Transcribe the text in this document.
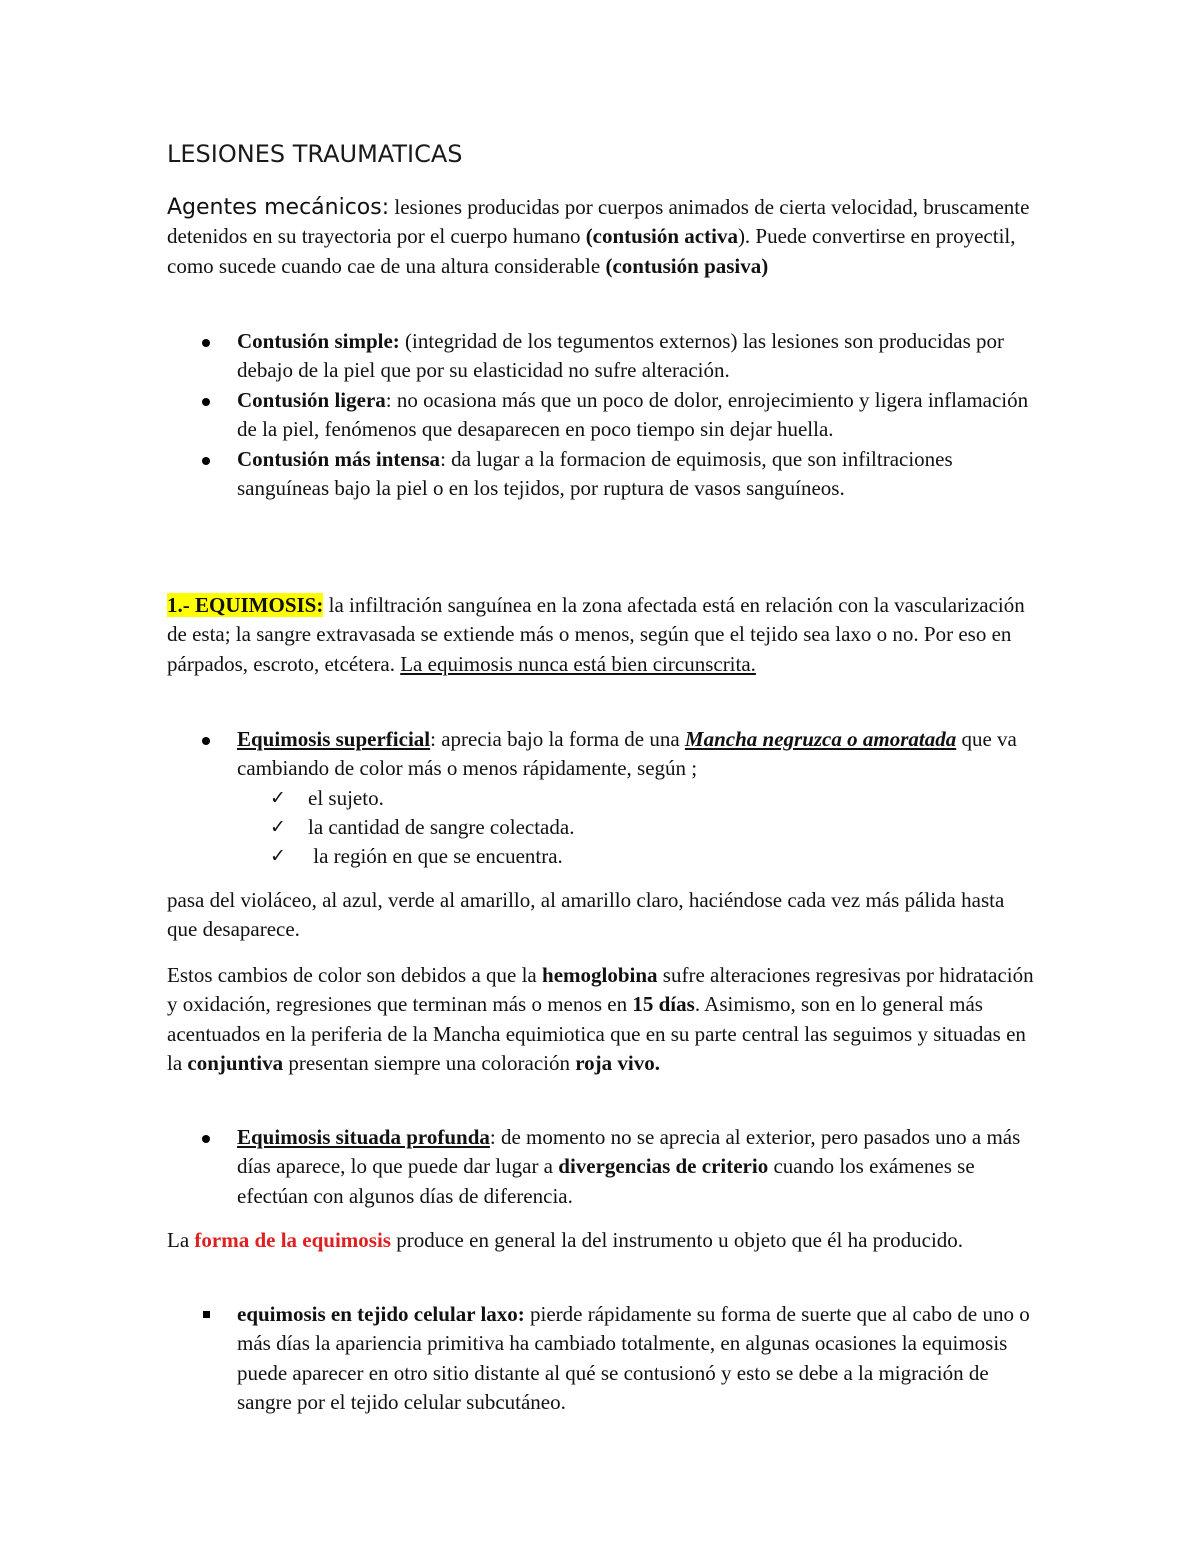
LESIONES TRAUMATICAS
Agentes mecánicos: lesiones producidas por cuerpos animados de cierta velocidad, bruscamente detenidos en su trayectoria por el cuerpo humano (contusión activa). Puede convertirse en proyectil, como sucede cuando cae de una altura considerable (contusión pasiva)
Contusión simple: (integridad de los tegumentos externos) las lesiones son producidas por debajo de la piel que por su elasticidad no sufre alteración.
Contusión ligera: no ocasiona más que un poco de dolor, enrojecimiento y ligera inflamación de la piel, fenómenos que desaparecen en poco tiempo sin dejar huella.
Contusión más intensa: da lugar a la formacion de equimosis, que son infiltraciones sanguíneas bajo la piel o en los tejidos, por ruptura de vasos sanguíneos.
1.- EQUIMOSIS: la infiltración sanguínea en la zona afectada está en relación con la vascularización de esta; la sangre extravasada se extiende más o menos, según que el tejido sea laxo o no. Por eso en párpados, escroto, etcétera. La equimosis nunca está bien circunscrita.
Equimosis superficial: aprecia bajo la forma de una Mancha negruzca o amoratada que va cambiando de color más o menos rápidamente, según ;
✓ el sujeto.
✓ la cantidad de sangre colectada.
✓ la región en que se encuentra.
pasa del violáceo, al azul, verde al amarillo, al amarillo claro, haciéndose cada vez más pálida hasta que desaparece.
Estos cambios de color son debidos a que la hemoglobina sufre alteraciones regresivas por hidratación y oxidación, regresiones que terminan más o menos en 15 días. Asimismo, son en lo general más acentuados en la periferia de la Mancha equimiotica que en su parte central las seguimos y situadas en la conjuntiva presentan siempre una coloración roja vivo.
Equimosis situada profunda: de momento no se aprecia al exterior, pero pasados uno a más días aparece, lo que puede dar lugar a divergencias de criterio cuando los exámenes se efectúan con algunos días de diferencia.
La forma de la equimosis produce en general la del instrumento u objeto que él ha producido.
equimosis en tejido celular laxo: pierde rápidamente su forma de suerte que al cabo de uno o más días la apariencia primitiva ha cambiado totalmente, en algunas ocasiones la equimosis puede aparecer en otro sitio distante al qué se contusionó y esto se debe a la migración de sangre por el tejido celular subcutáneo.
